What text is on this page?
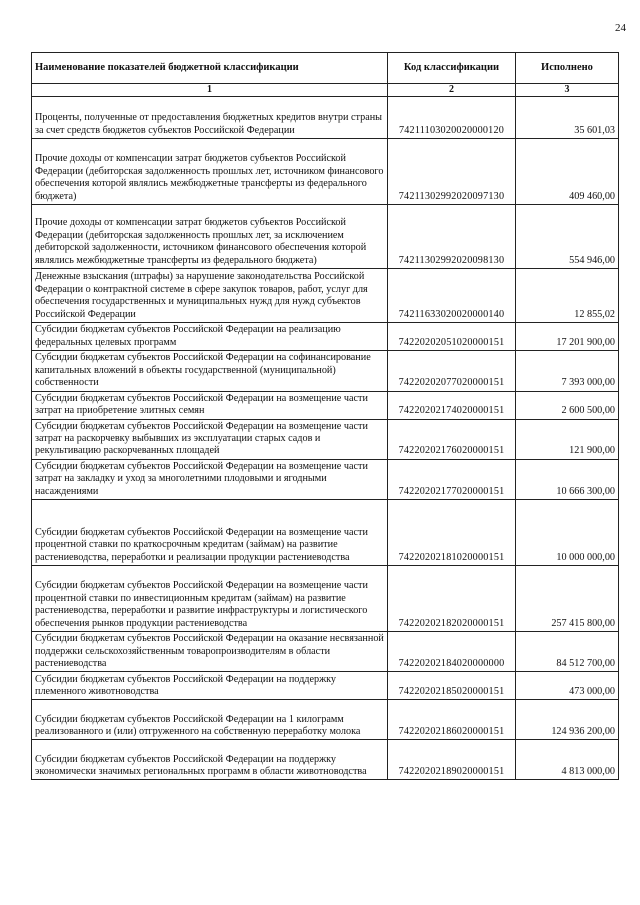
24
Наименование показателей бюджетной классификации	Код классификации	Исполнено
1	2	3
Проценты, полученные от предоставления бюджетных кредитов внутри страны за счет средств бюджетов субъектов Российской Федерации	74211103020020000120	35 601,03
Прочие доходы от компенсации затрат бюджетов субъектов Российской Федерации (дебиторская задолженность прошлых лет, источником финансового обеспечения которой являлись межбюджетные трансферты из федерального бюджета)	74211302992020097130	409 460,00
Прочие доходы от компенсации затрат бюджетов субъектов Российской Федерации (дебиторская задолженность прошлых лет, за исключением дебиторской задолженности, источником финансового обеспечения которой являлись межбюджетные трансферты из федерального бюджета)	74211302992020098130	554 946,00
Денежные взыскания (штрафы) за нарушение законодательства Российской Федерации о контрактной системе в сфере закупок товаров, работ, услуг для обеспечения государственных и муниципальных нужд для нужд субъектов Российской Федерации	74211633020020000140	12 855,02
Субсидии бюджетам субъектов Российской Федерации на реализацию федеральных целевых программ	74220202051020000151	17 201 900,00
Субсидии бюджетам субъектов Российской Федерации на софинансирование капитальных вложений в объекты государственной (муниципальной) собственности	74220202077020000151	7 393 000,00
Субсидии бюджетам субъектов Российской Федерации на возмещение части затрат на приобретение элитных семян	74220202174020000151	2 600 500,00
Субсидии бюджетам субъектов Российской Федерации на возмещение части затрат на раскорчевку выбывших из эксплуатации старых садов и рекультивацию раскорчеванных площадей	74220202176020000151	121 900,00
Субсидии бюджетам субъектов Российской Федерации на возмещение части затрат на закладку и уход за многолетними плодовыми и ягодными насаждениями	74220202177020000151	10 666 300,00
Субсидии бюджетам субъектов Российской Федерации на возмещение части процентной ставки по краткосрочным кредитам (займам) на развитие растениеводства, переработки и реализации продукции растениеводства	74220202181020000151	10 000 000,00
Субсидии бюджетам субъектов Российской Федерации на возмещение части процентной ставки по инвестиционным кредитам (займам) на развитие растениеводства, переработки и развитие инфраструктуры и логистического обеспечения рынков продукции растениеводства	74220202182020000151	257 415 800,00
Субсидии бюджетам субъектов Российской Федерации на оказание несвязанной поддержки сельскохозяйственным товаропроизводителям в области растениеводства	74220202184020000000	84 512 700,00
Субсидии бюджетам субъектов Российской Федерации на поддержку племенного животноводства	74220202185020000151	473 000,00
Субсидии бюджетам субъектов Российской Федерации на 1 килограмм реализованного и (или) отгруженного на собственную переработку молока	74220202186020000151	124 936 200,00
Субсидии бюджетам субъектов Российской Федерации на поддержку экономически значимых региональных программ в области животноводства	74220202189020000151	4 813 000,00
